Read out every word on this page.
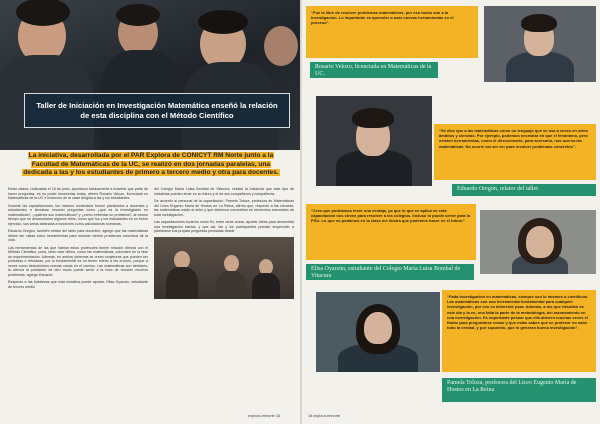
Taller de Iniciación en Investigación Matemática enseñó la relación de esta disciplina con el Método Científico
La iniciativa, desarrollada por el PAR Explora de CONICYT RM Norte junto a la Facultad de Matemáticas de la UC, se realizó en dos jornadas paralelas, una dedicada a las y los estudiantes de primero a tercero medio y otra para docentes.

Estas clases, realizadas el 16 de junio, apuntaron básicamente a enseñar que parte de hacer preguntas, es no poder resolverlas todas, afirmó Rosario Velozo, licenciada en Matemáticas de la UC e instructor de la clase dirigida a las y los estudiantes.

Durante las capacitaciones, los mismos contenidos fueron planteados a docentes y estudiantes, e lanzaban resolver preguntas como ¿qué es la investigación en matemáticas?, ¿quiénes son matemáticos? y ¿cómo enfrentar un problema?, al mismo tiempo que se desarrollaron algunos retos, como que los y los estudiantes en un breve ejercicio, sus areas abstracta a funciones como calculadoras humanas.

Eduardo Oregón, también relator del taller para docentes, agregó que las matemáticas deben ser vistas como herramientas para resolver ciertos problemas concretos de la vida.

Las herramientas de las que hablan estos profesores tienen relación directa con el Método Científico, pues, tanto este último, como las matemáticas, coinciden en la fase de experimentación. Además, en ambos sistemas se crean conjeturas que pueden ser probadas o refutadas, por lo fundamental es no temer miedo a los errores, porque a veces como descubrimos nuevas cosas en el camino. Las matemáticas son similares, la ciencia la población de otro modo puede servir a la hora de resolver muchos problemas, agregó Eduardo.

Respecto a las fortalezas que esta iniciativa puede aportar, Elisa Oyarzún, estudiante de tercero medio

del Colegio María Luisa Bombal de Vitacura, resaltó la instancia que este tipo de iniciativas pueden tener en su futuro y el de sus compañeros y compañeras.

De acuerdo al personal de la capacitación, Pamela Toloza, profesora de Matemáticas del Liceo Eugenio María de Hostos en La Reina, afirmó que, respecto a las ciencias, las matemáticas están al debe y que debemos convertirse en elementos esenciales de toda investigación.

Las capacitaciones tuvieron como fin, entre otras cosas, aportar ideas para desarrollar una investigación básica, y que así, las y los participantes puedan emprender a plantearse sus propias preguntas pensadas desde

explora-rmnorte 16
“Fue la libre de resolver problemas matemáticos, por eso todos son a la investigación. Lo importante es aprender a usar nuevas herramientas en el proceso”.
Rosario Velozo, licenciada en Matemáticas de la UC.
“Se dice que a las matemáticas como un lenguaje que se usa a veces en otros ámbitos y ciencias. Por ejemplo, podemos necesitar en que el fenómeno, pero existen herramientas, como el direccionario, para acercarlo, nos acerca las matemáticas. No ocurre así sin ver para resolver problemas concretos”.
Eduardo Oregón, relator del taller.
“Creo que podríamos tener una ventaja, ya que lo que se aplica en esta capacitación nos sirven para resolver a los colegios. Incluso lo puede servir para la PSU. Lo que no podamos en la clase me ilustra que podemos hacer en el futuro”.
Elisa Oyarzún, estudiante del Colegio María Luisa Bombal de Vitacura
“Falta investigación en matemáticas, siempre son lo mismos o científicos. Las matemáticas son una herramienta fundamental para cualquier investigación, por eso es inherente para. Además, a los que estudian es este día y la en, una falta la parte de la metodología, del razonamiento en una investigación. Es importante pensar que ella atienen muchas veces el titular para preguntarse cosas y que estás sabes qué se profesor no sabe todo la verdad, y por supuesto, que lo generan buena investigación”.
Pamela Toloza, profesora del Liceo Eugenio María de Hostos en La Reina
18 explora-rmnorte
